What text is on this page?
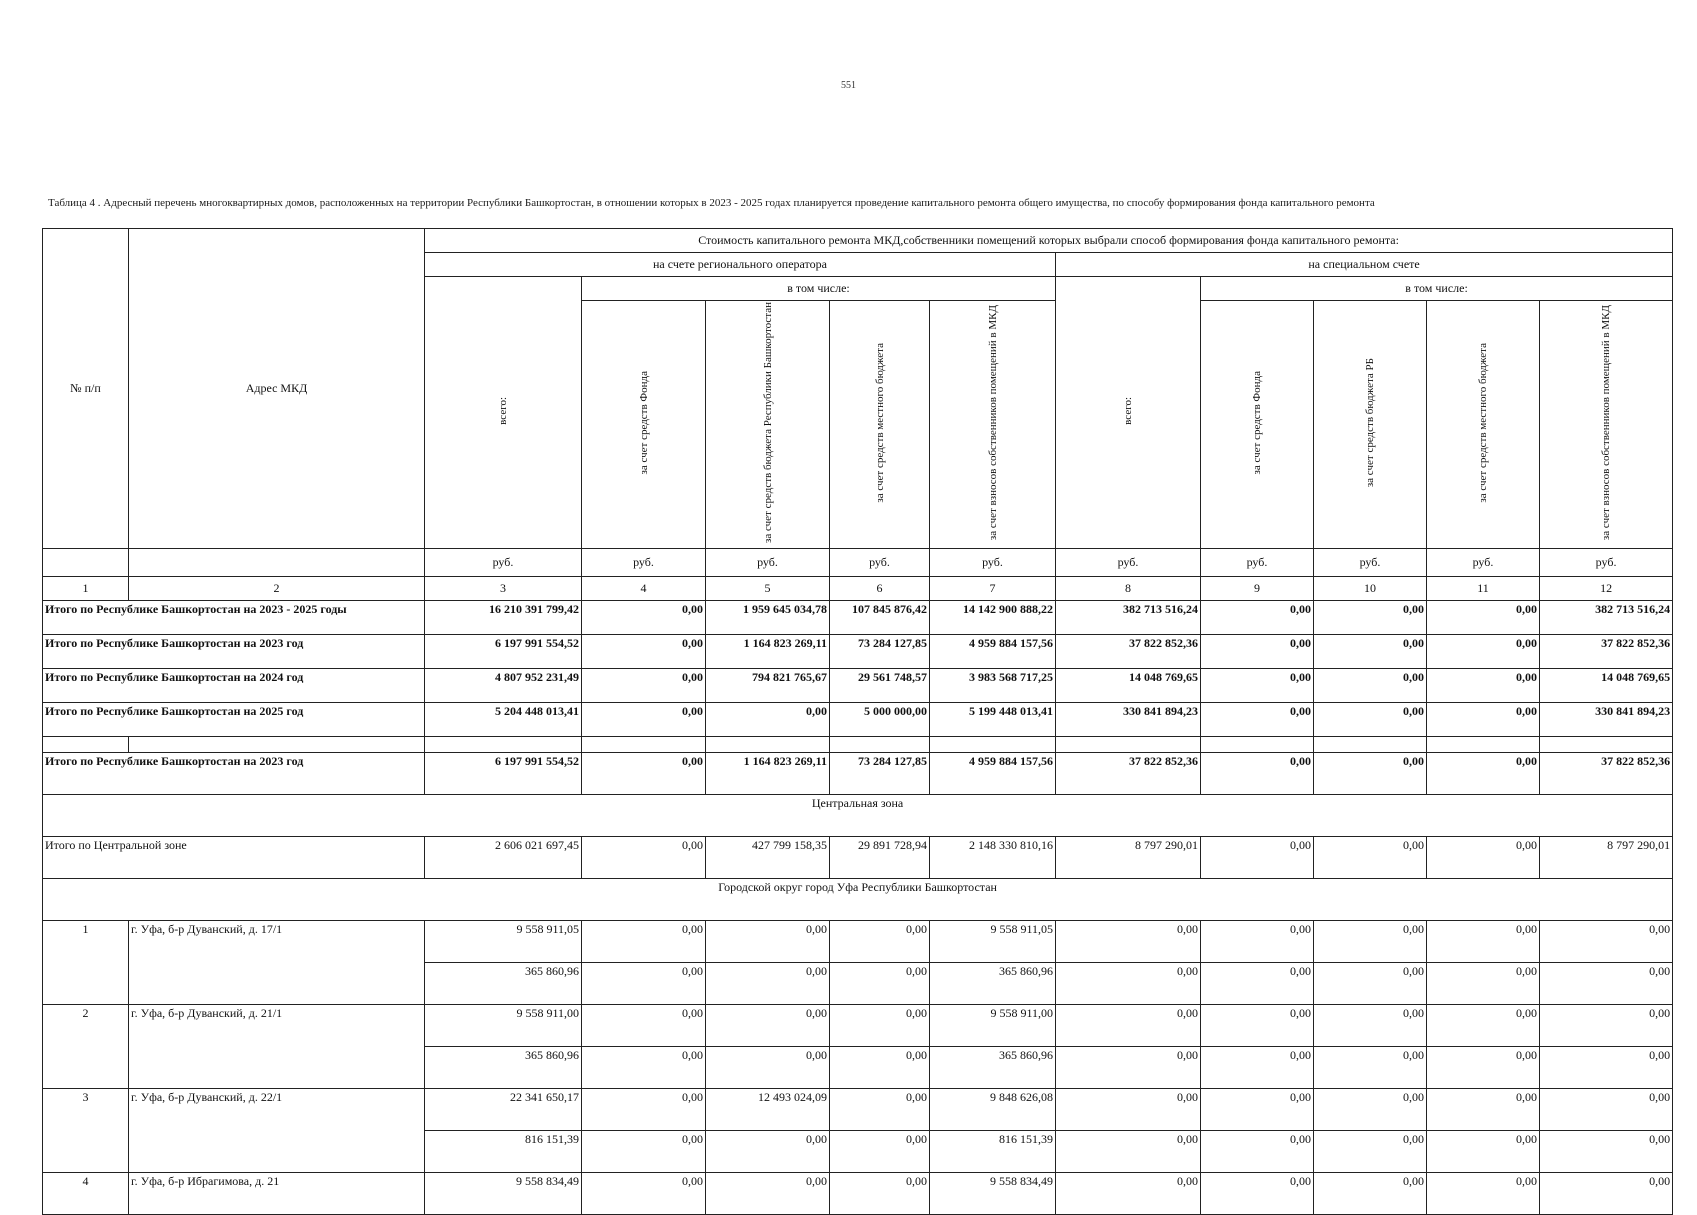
551
Таблица 4 . Адресный перечень многоквартирных домов, расположенных на территории Республики Башкортостан, в отношении которых в 2023 - 2025 годах планируется проведение капитального ремонта общего имущества, по способу формирования фонда капитального ремонта
№ п/п	Адрес МКД	Стоимость капитального ремонта МКД,собственники помещений которых выбрали способ формирования фонда капитального ремонта:									
		на счете регионального оператора					на специальном счете				
		всего:	в том числе:				всего:	в том числе:			
			за счет средств Фонда	за счет средств бюджета Республики Башкортостан	за счет средств местного бюджета	за счет взносов собственников помещений в МКД		за счет средств Фонда	за счет средств бюджета РБ	за счет средств местного бюджета	за счет взносов собственников помещений в МКД
		руб.	руб.	руб.	руб.	руб.	руб.	руб.	руб.	руб.	руб.
1	2	3	4	5	6	7	8	9	10	11	12
Итого по Республике Башкортостан на 2023 - 2025 годы		16 210 391 799,42	0,00	1 959 645 034,78	107 845 876,42	14 142 900 888,22	382 713 516,24	0,00	0,00	0,00	382 713 516,24
Итого по Республике Башкортостан на 2023 год		6 197 991 554,52	0,00	1 164 823 269,11	73 284 127,85	4 959 884 157,56	37 822 852,36	0,00	0,00	0,00	37 822 852,36
Итого по Республике Башкортостан на 2024 год		4 807 952 231,49	0,00	794 821 765,67	29 561 748,57	3 983 568 717,25	14 048 769,65	0,00	0,00	0,00	14 048 769,65
Итого по Республике Башкортостан на 2025 год		5 204 448 013,41	0,00	0,00	5 000 000,00	5 199 448 013,41	330 841 894,23	0,00	0,00	0,00	330 841 894,23

Итого по Республике Башкортостан на 2023 год		6 197 991 554,52	0,00	1 164 823 269,11	73 284 127,85	4 959 884 157,56	37 822 852,36	0,00	0,00	0,00	37 822 852,36
Центральная зона											
Итого по Центральной зоне		2 606 021 697,45	0,00	427 799 158,35	29 891 728,94	2 148 330 810,16	8 797 290,01	0,00	0,00	0,00	8 797 290,01
Городской округ город Уфа Республики Башкортостан											
1	г. Уфа, б-р Дуванский, д. 17/1	9 558 911,05	0,00	0,00	0,00	9 558 911,05	0,00	0,00	0,00	0,00	0,00
		365 860,96	0,00	0,00	0,00	365 860,96	0,00	0,00	0,00	0,00	0,00
2	г. Уфа, б-р Дуванский, д. 21/1	9 558 911,00	0,00	0,00	0,00	9 558 911,00	0,00	0,00	0,00	0,00	0,00
		365 860,96	0,00	0,00	0,00	365 860,96	0,00	0,00	0,00	0,00	0,00
3	г. Уфа, б-р Дуванский, д. 22/1	22 341 650,17	0,00	12 493 024,09	0,00	9 848 626,08	0,00	0,00	0,00	0,00	0,00
		816 151,39	0,00	0,00	0,00	816 151,39	0,00	0,00	0,00	0,00	0,00
4	г. Уфа, б-р Ибрагимова, д. 21	9 558 834,49	0,00	0,00	0,00	9 558 834,49	0,00	0,00	0,00	0,00	0,00
